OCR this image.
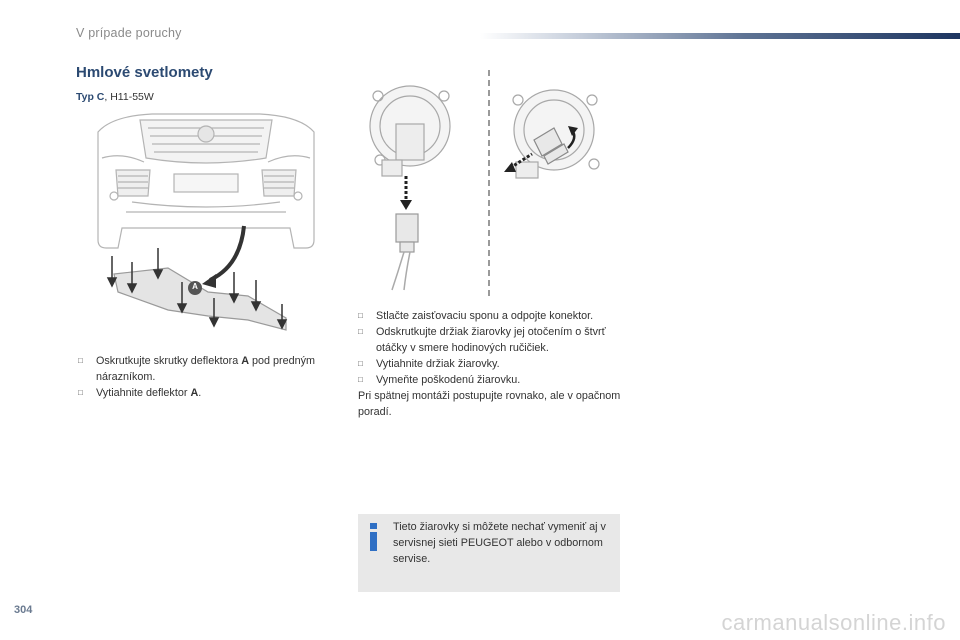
V prípade poruchy
Hmlové svetlomety
Typ C, H11-55W
A
□	Stlačte zaisťovaciu sponu a odpojte konektor.
□	Odskrutkujte držiak žiarovky jej otočením o štvrť otáčky v smere hodinových ručičiek.
□	Vytiahnite držiak žiarovky.
□	Vymeňte poškodenú žiarovku.

Pri spätnej montáži postupujte rovnako, ale v opačnom poradí.

□	Oskrutkujte skrutky deflektora A pod predným nárazníkom.
□	Vytiahnite deflektor A.
Tieto žiarovky si môžete nechať vymeniť aj v servisnej sieti PEUGEOT alebo v odbornom servise.
304	carmanualsonline.info
